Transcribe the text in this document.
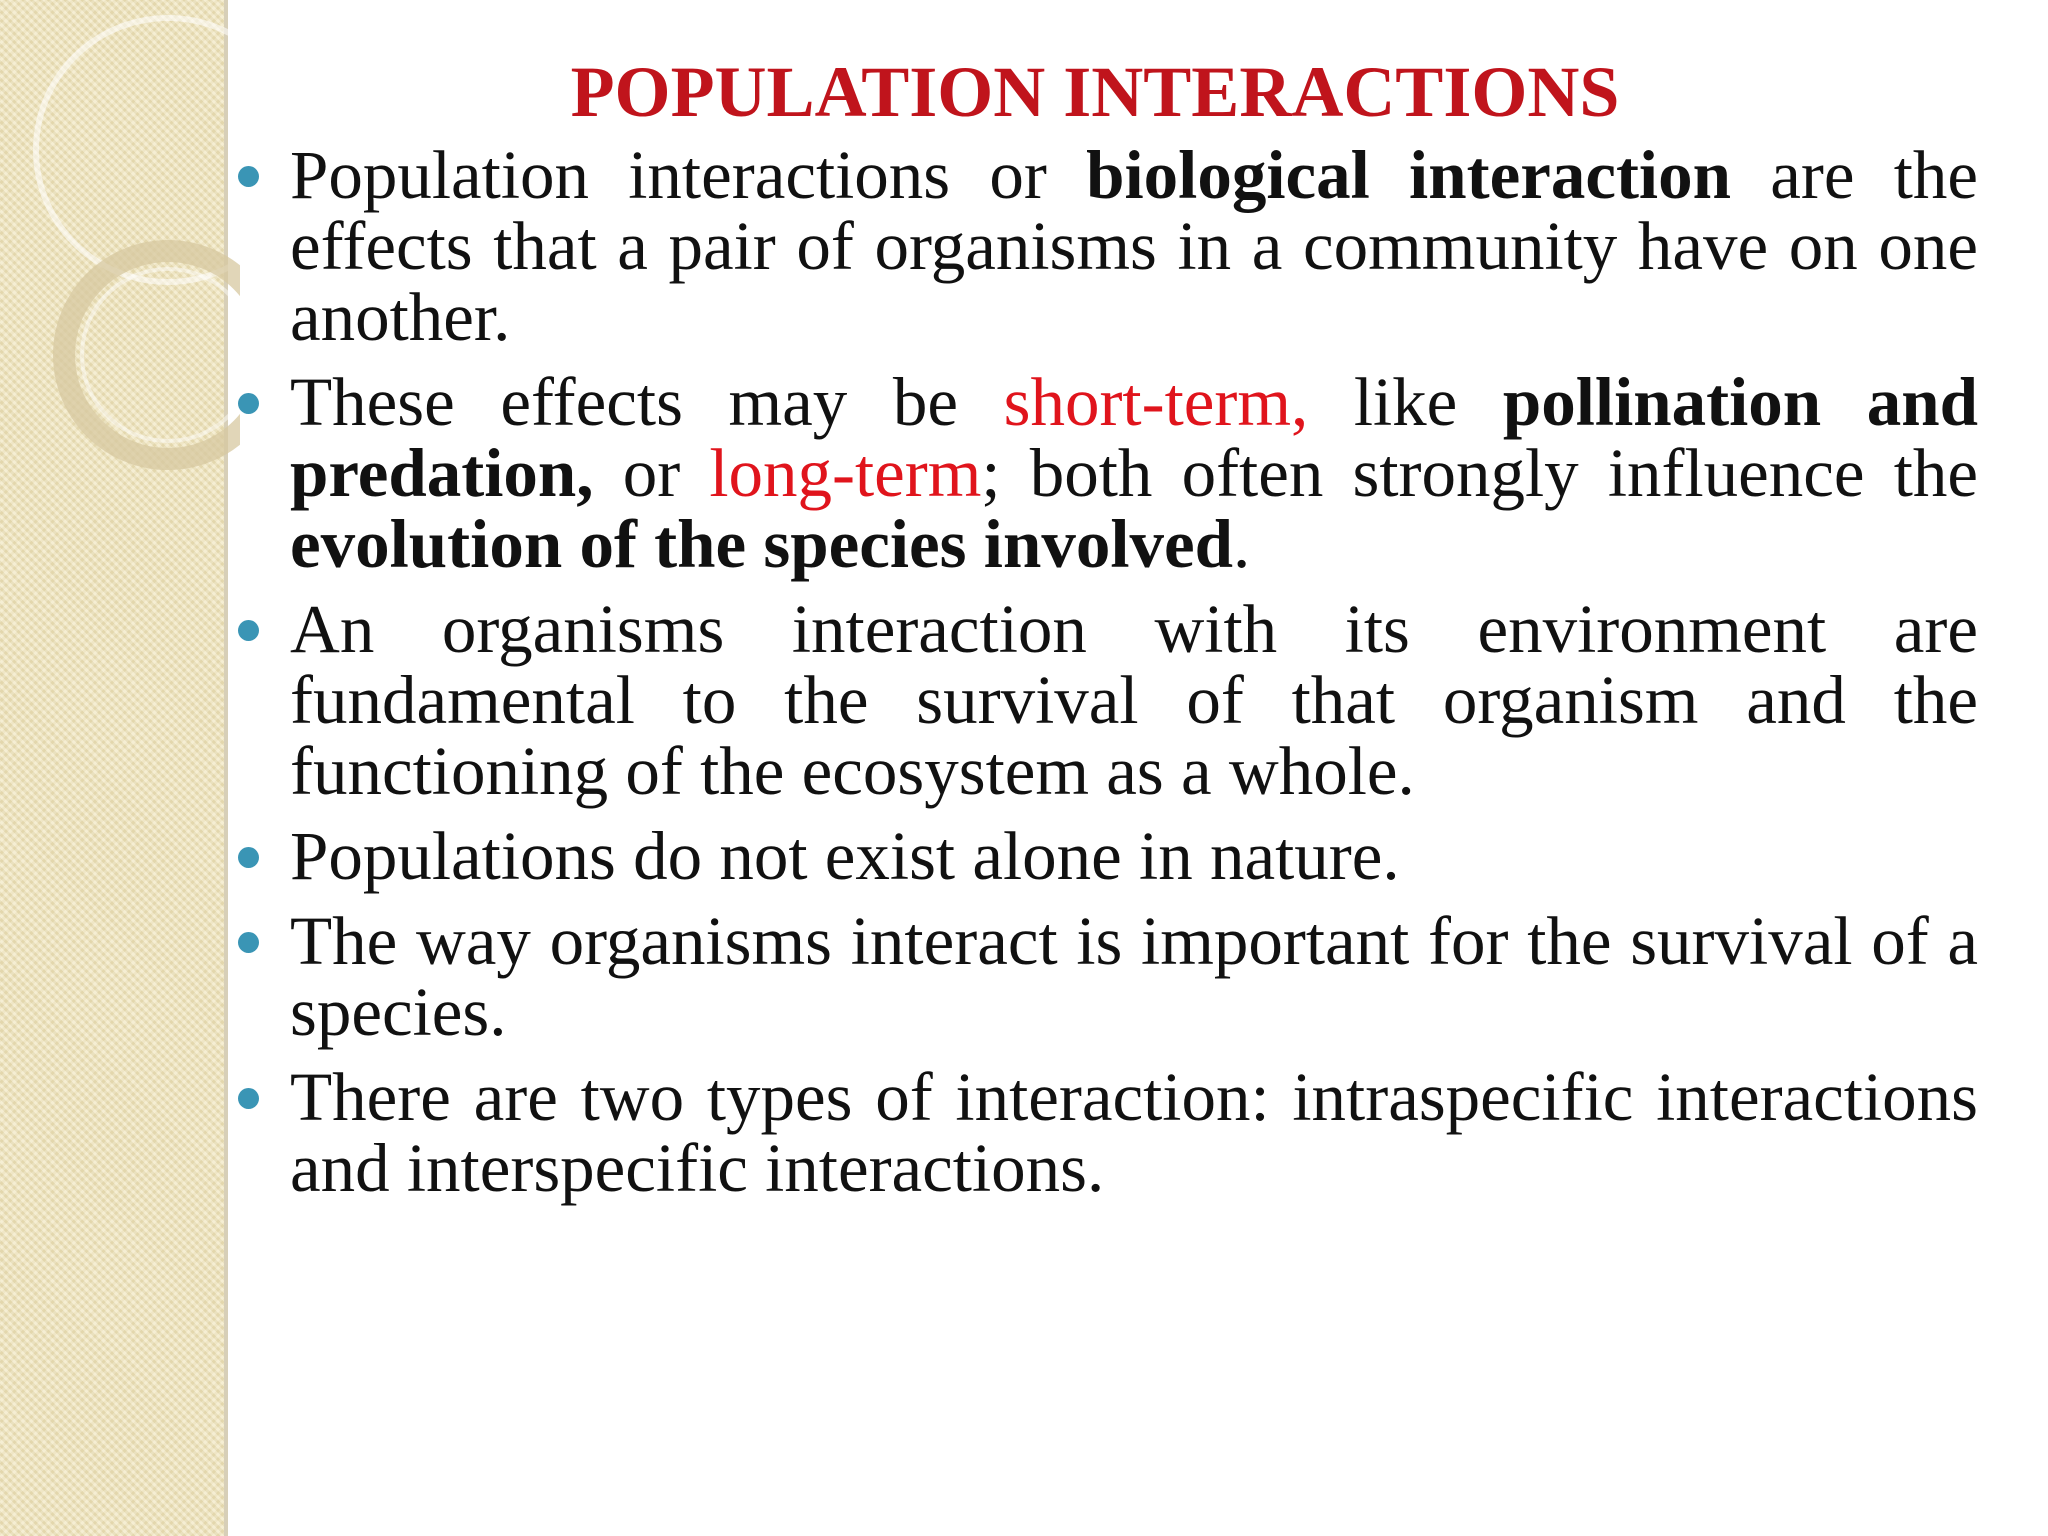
POPULATION INTERACTIONS
Population interactions or biological interaction are the effects that a pair of organisms in a community have on one another.
These effects may be short-term, like pollination and predation, or long-term; both often strongly influence the evolution of the species involved.
An organisms interaction with its environment are fundamental to the survival of that organism and the functioning of the ecosystem as a whole.
Populations do not exist alone in nature.
The way organisms interact is important for the survival of a species.
There are two types of interaction: intraspecific interactions and interspecific interactions.
